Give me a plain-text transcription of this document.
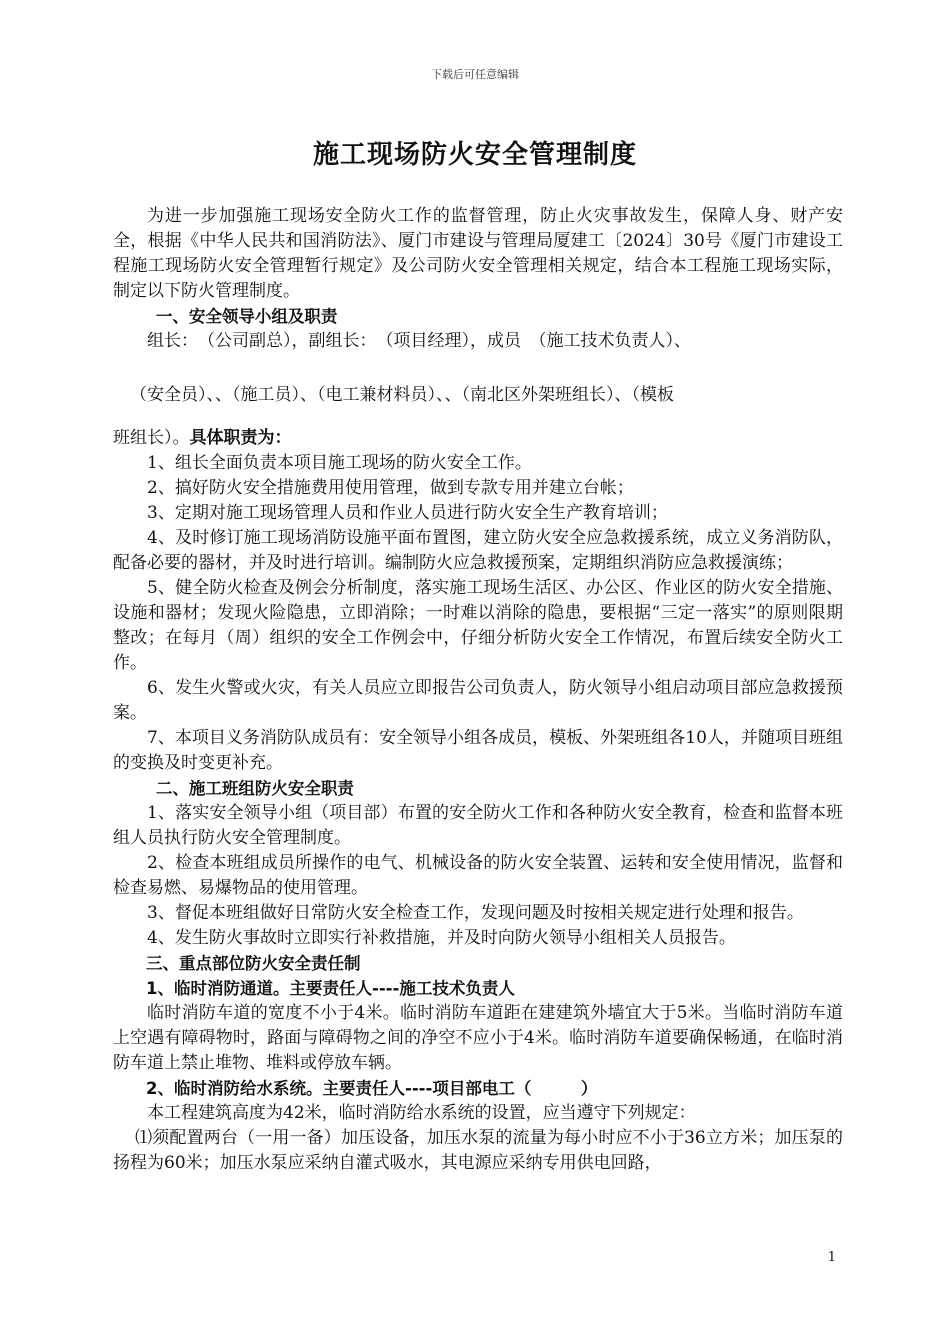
下载后可任意编辑
施工现场防火安全管理制度

为进一步加强施工现场安全防火工作的监督管理，防止火灾事故发生，保障人身、财产安全，根据《中华人民共和国消防法》、厦门市建设与管理局厦建工〔2024〕30号《厦门市建设工程施工现场防火安全管理暂行规定》及公司防火安全管理相关规定，结合本工程施工现场实际，制定以下防火管理制度。

一、安全领导小组及职责

组长：　（公司副总），副组长：　（项目经理），成员　（施工技术负责人）、

（安全员）、、（施工员）、（电工兼材料员）、、（南北区外架班组长）、（模板

班组长）。具体职责为：

1、组长全面负责本项目施工现场的防火安全工作。

2、搞好防火安全措施费用使用管理，做到专款专用并建立台帐；

3、定期对施工现场管理人员和作业人员进行防火安全生产教育培训；

4、及时修订施工现场消防设施平面布置图，建立防火安全应急救援系统，成立义务消防队，配备必要的器材，并及时进行培训。编制防火应急救援预案，定期组织消防应急救援演练；

5、健全防火检查及例会分析制度，落实施工现场生活区、办公区、作业区的防火安全措施、设施和器材；发现火险隐患，立即消除；一时难以消除的隐患，要根据“三定一落实”的原则限期整改；在每月（周）组织的安全工作例会中，仔细分析防火安全工作情况，布置后续安全防火工作。

6、发生火警或火灾，有关人员应立即报告公司负责人，防火领导小组启动项目部应急救援预案。

7、本项目义务消防队成员有：安全领导小组各成员，模板、外架班组各10人，并随项目班组的变换及时变更补充。

二、施工班组防火安全职责

1、落实安全领导小组（项目部）布置的安全防火工作和各种防火安全教育，检查和监督本班组人员执行防火安全管理制度。

2、检查本班组成员所操作的电气、机械设备的防火安全装置、运转和安全使用情况，监督和检查易燃、易爆物品的使用管理。

3、督促本班组做好日常防火安全检查工作，发现问题及时按相关规定进行处理和报告。

4、发生防火事故时立即实行补救措施，并及时向防火领导小组相关人员报告。

三、重点部位防火安全责任制

1、临时消防通道。主要责任人----施工技术负责人

临时消防车道的宽度不小于4米。临时消防车道距在建建筑外墙宜大于5米。当临时消防车道上空遇有障碍物时，路面与障碍物之间的净空不应小于4米。临时消防车道要确保畅通，在临时消防车道上禁止堆物、堆料或停放车辆。

2、临时消防给水系统。主要责任人----项目部电工（　　　）

本工程建筑高度为42米，临时消防给水系统的设置，应当遵守下列规定：

⑴须配置两台（一用一备）加压设备，加压水泵的流量为每小时应不小于36立方米；加压泵的扬程为60米；加压水泵应采纳自灌式吸水，其电源应采纳专用供电回路，

1
